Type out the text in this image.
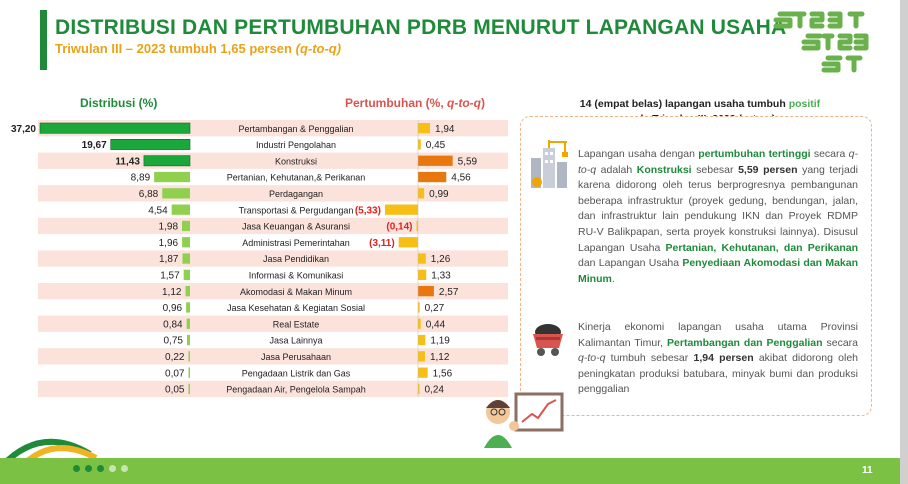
DISTRIBUSI DAN PERTUMBUHAN PDRB MENURUT LAPANGAN USAHA
Triwulan III – 2023 tumbuh 1,65 persen (q-to-q)
Distribusi (%)	Pertumbuhan (%, q-to-q)
37,20	Pertambangan & Penggalian	1,94
19,67	Industri Pengolahan	0,45
11,43	Konstruksi	5,59
8,89	Pertanian, Kehutanan,& Perikanan	4,56
6,88	Perdagangan	0,99
4,54	Transportasi & Pergudangan (5,33)
1,98	Jasa Keuangan & Asuransi	(0,14)
1,96	Administrasi Pemerintahan (3,11)
1,87	Jasa Pendidikan	1,26
1,57	Informasi & Komunikasi	1,33
1,12	Akomodasi & Makan Minum	2,57
0,96	Jasa Kesehatan & Kegiatan Sosial	0,27
0,84	Real Estate	0,44
0,75	Jasa Lainnya	1,19
0,22	Jasa Perusahaan	1,12
0,07	Pengadaan Listrik dan Gas	1,56
0,05	Pengadaan Air, Pengelola Sampah	0,24
14 (empat belas) lapangan usaha tumbuh positif

Lapangan usaha dengan pertumbuhan tertinggi secara q-to-q adalah Konstruksi sebesar 5,59 persen yang terjadi karena didorong oleh terus berprogresnya pembangunan beberapa infrastruktur (proyek gedung, bendungan, jalan, dan infrastruktur lain pendukung IKN dan Proyek RDMP RU-V Balikpapan, serta proyek konstruksi lainnya). Disusul Lapangan Usaha Pertanian, Kehutanan, dan Perikanan dan Lapangan Usaha Penyediaan Akomodasi dan Makan Minum.
Kinerja ekonomi lapangan usaha utama Provinsi Kalimantan Timur, Pertambangan dan Penggalian secara q-to-q tumbuh sebesar 1,94 persen akibat didorong oleh peningkatan produksi batubara, minyak bumi dan produksi penggalian
11
